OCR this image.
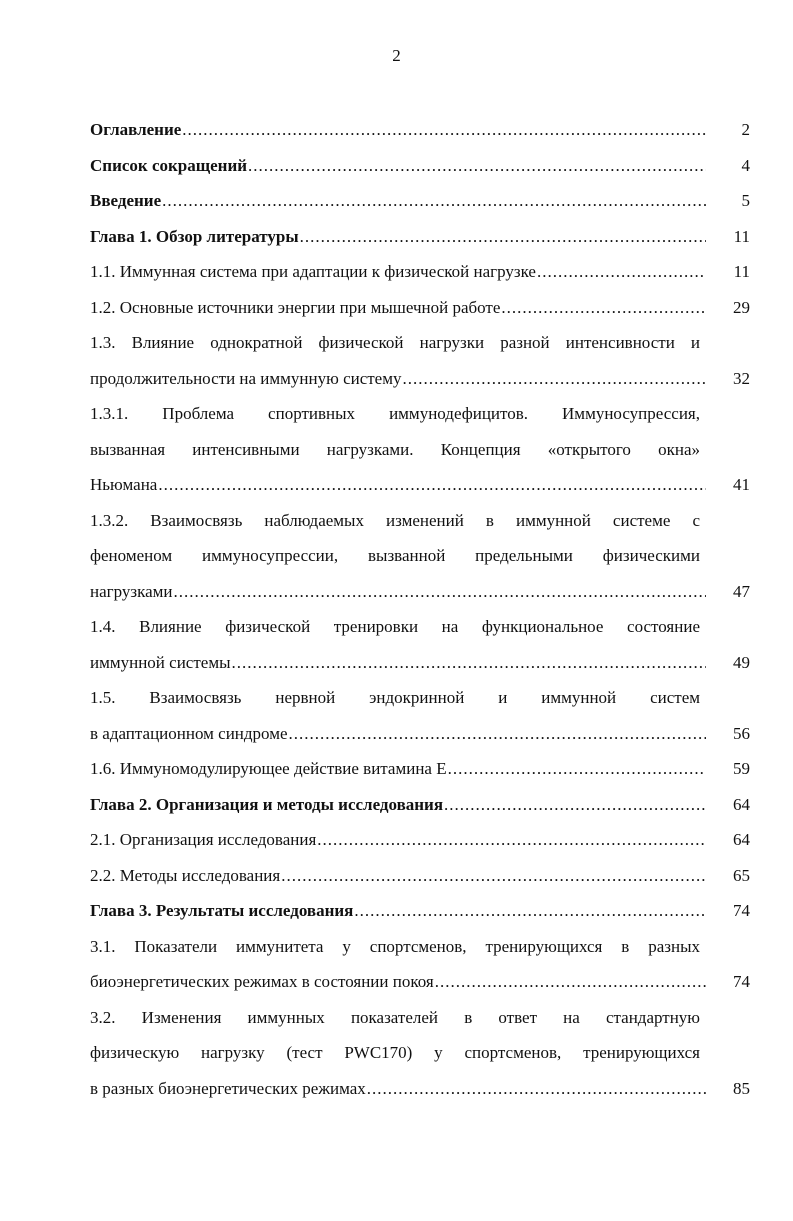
2
Оглавление .....	2
Список сокращений .....	4
Введение .....	5
Глава 1. Обзор литературы .....	11
1.1. Иммунная система при адаптации к физической нагрузке .....	11
1.2. Основные источники энергии при мышечной работе .....	29
1.3. Влияние однократной физической нагрузки разной интенсивности и
продолжительности на иммунную систему .....	32
1.3.1. Проблема спортивных иммунодефицитов. Иммуносупрессия,
вызванная интенсивными нагрузками. Концепция «открытого окна»
Ньюмана .....	41
1.3.2. Взаимосвязь наблюдаемых изменений в иммунной системе с
феноменом иммуносупрессии, вызванной предельными физическими
нагрузками .....	47
1.4. Влияние физической тренировки на функциональное состояние
иммунной системы .....	49
1.5. Взаимосвязь нервной эндокринной и иммунной систем
в адаптационном синдроме .....	56
1.6. Иммуномодулирующее действие витамина Е .....	59
Глава 2. Организация и методы исследования .....	64
2.1. Организация исследования .....	64
2.2. Методы исследования .....	65
Глава 3. Результаты исследования .....	74
3.1. Показатели иммунитета у спортсменов, тренирующихся в разных
биоэнергетических режимах в состоянии покоя .....	74
3.2. Изменения иммунных показателей в ответ на стандартную
физическую нагрузку (тест PWC170) у спортсменов, тренирующихся
в разных биоэнергетических режимах .....	85
